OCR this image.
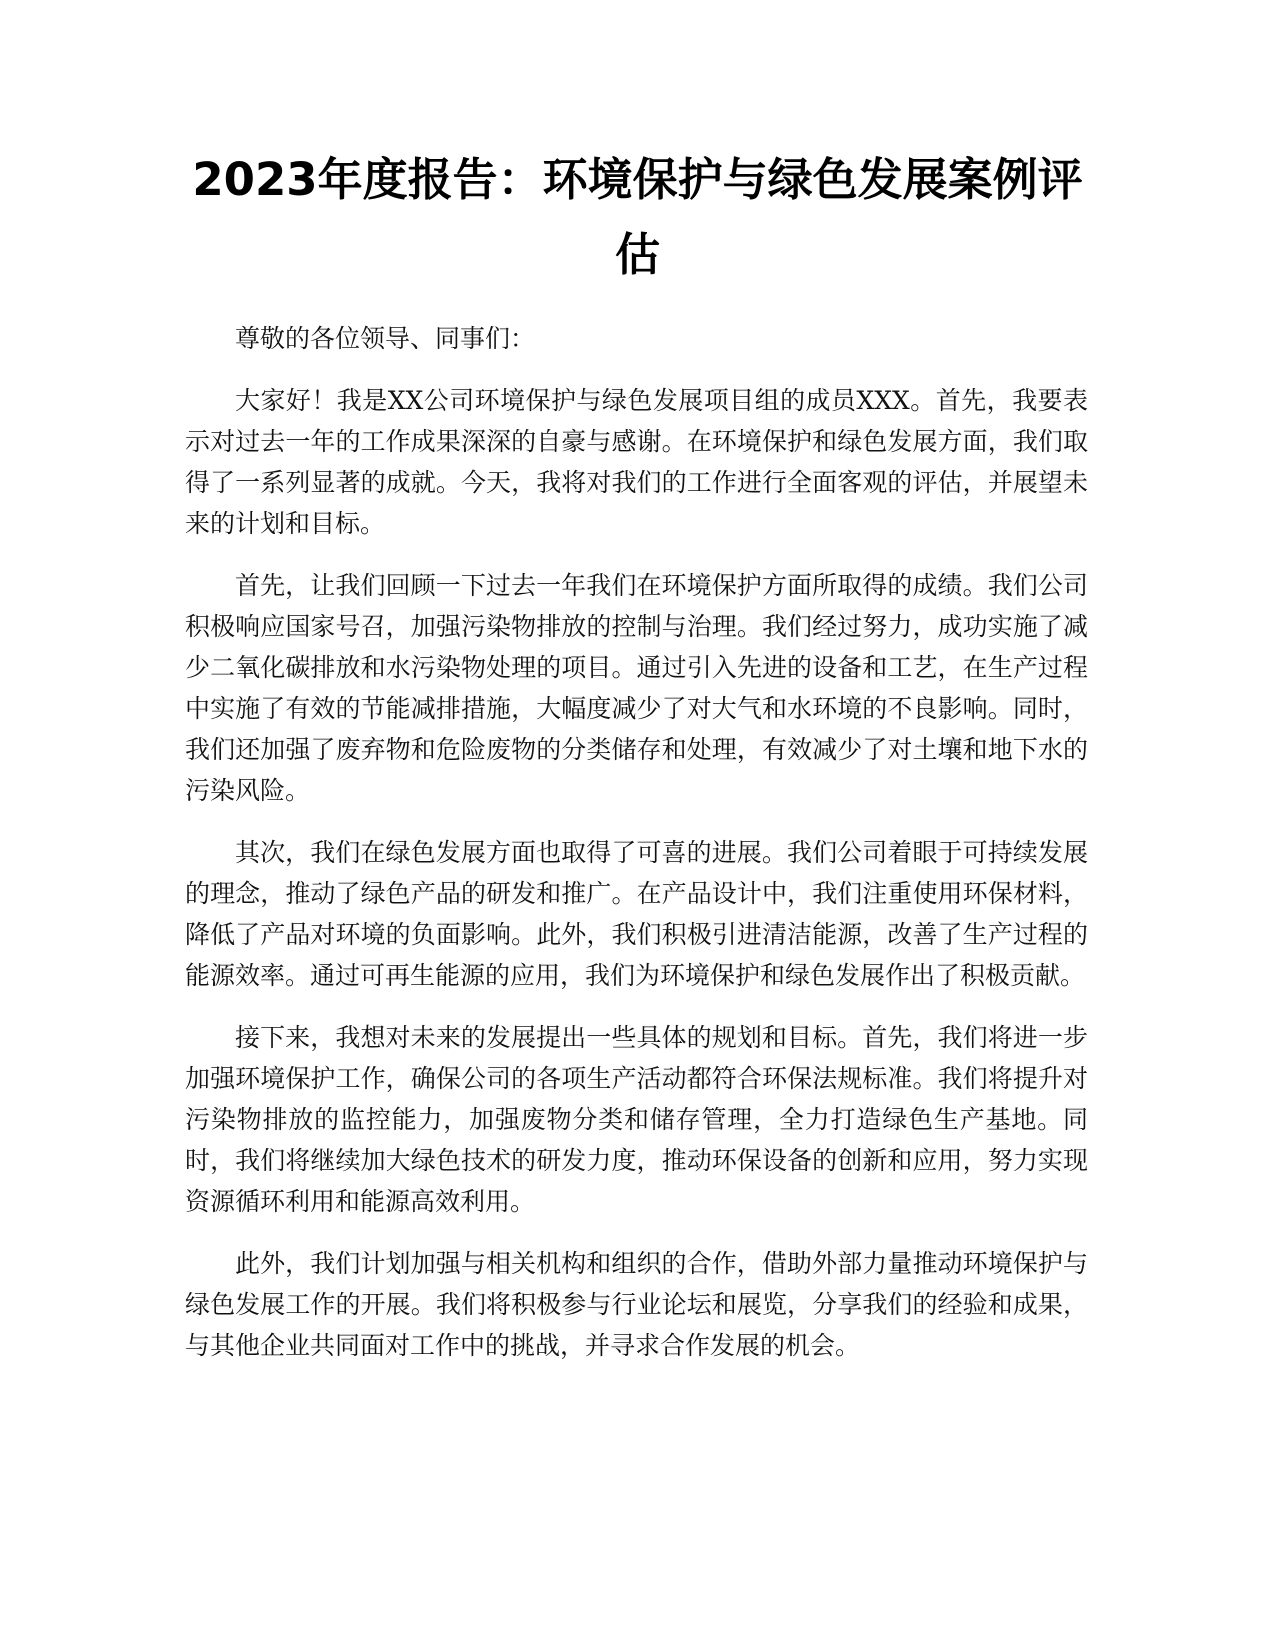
2023年度报告：环境保护与绿色发展案例评估

尊敬的各位领导、同事们：

大家好！我是XX公司环境保护与绿色发展项目组的成员XXX。首先，我要表示对过去一年的工作成果深深的自豪与感谢。在环境保护和绿色发展方面，我们取得了一系列显著的成就。今天，我将对我们的工作进行全面客观的评估，并展望未来的计划和目标。

首先，让我们回顾一下过去一年我们在环境保护方面所取得的成绩。我们公司积极响应国家号召，加强污染物排放的控制与治理。我们经过努力，成功实施了减少二氧化碳排放和水污染物处理的项目。通过引入先进的设备和工艺，在生产过程中实施了有效的节能减排措施，大幅度减少了对大气和水环境的不良影响。同时，我们还加强了废弃物和危险废物的分类储存和处理，有效减少了对土壤和地下水的污染风险。

其次，我们在绿色发展方面也取得了可喜的进展。我们公司着眼于可持续发展的理念，推动了绿色产品的研发和推广。在产品设计中，我们注重使用环保材料，降低了产品对环境的负面影响。此外，我们积极引进清洁能源，改善了生产过程的能源效率。通过可再生能源的应用，我们为环境保护和绿色发展作出了积极贡献。

接下来，我想对未来的发展提出一些具体的规划和目标。首先，我们将进一步加强环境保护工作，确保公司的各项生产活动都符合环保法规标准。我们将提升对污染物排放的监控能力，加强废物分类和储存管理，全力打造绿色生产基地。同时，我们将继续加大绿色技术的研发力度，推动环保设备的创新和应用，努力实现资源循环利用和能源高效利用。

此外，我们计划加强与相关机构和组织的合作，借助外部力量推动环境保护与绿色发展工作的开展。我们将积极参与行业论坛和展览，分享我们的经验和成果，与其他企业共同面对工作中的挑战，并寻求合作发展的机会。
